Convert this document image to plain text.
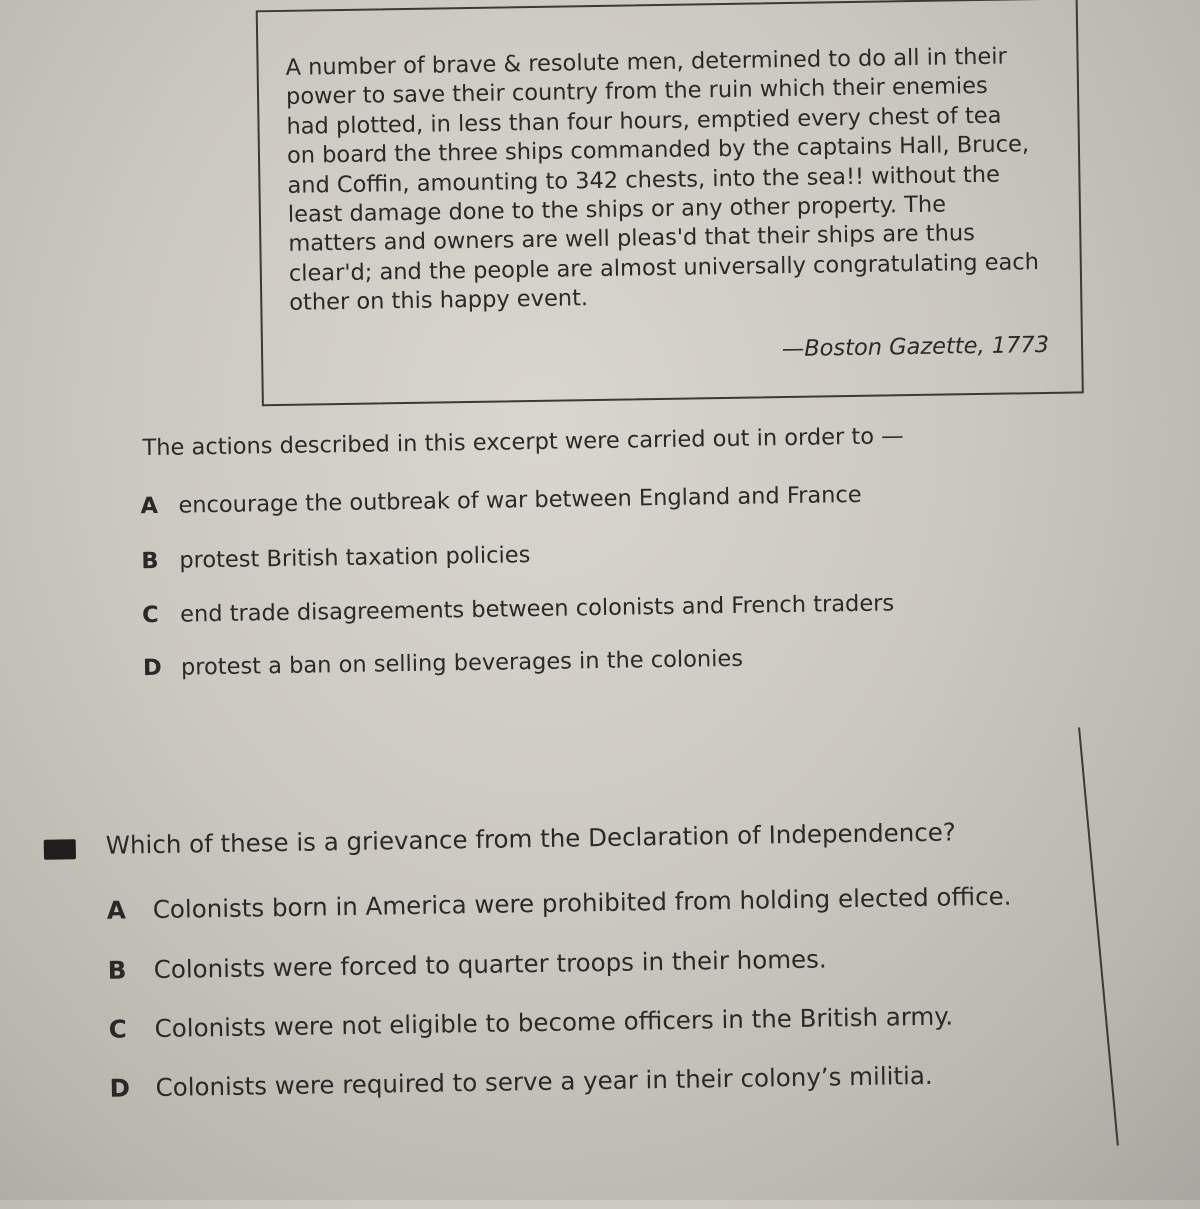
A number of brave & resolute men, determined to do all in their
power to save their country from the ruin which their enemies
had plotted, in less than four hours, emptied every chest of tea
on board the three ships commanded by the captains Hall, Bruce,
and Coffin, amounting to 342 chests, into the sea!! without the
least damage done to the ships or any other property. The
matters and owners are well pleas'd that their ships are thus
clear'd; and the people are almost universally congratulating each
other on this happy event.

—Boston Gazette, 1773

The actions described in this excerpt were carried out in order to —

A encourage the outbreak of war between England and France
B protest British taxation policies
C end trade disagreements between colonists and French traders
D protest a ban on selling beverages in the colonies

Which of these is a grievance from the Declaration of Independence?

A	Colonists born in America were prohibited from holding elected office.
B	Colonists were forced to quarter troops in their homes.
C	Colonists were not eligible to become officers in the British army.
D	Colonists were required to serve a year in their colony’s militia.
